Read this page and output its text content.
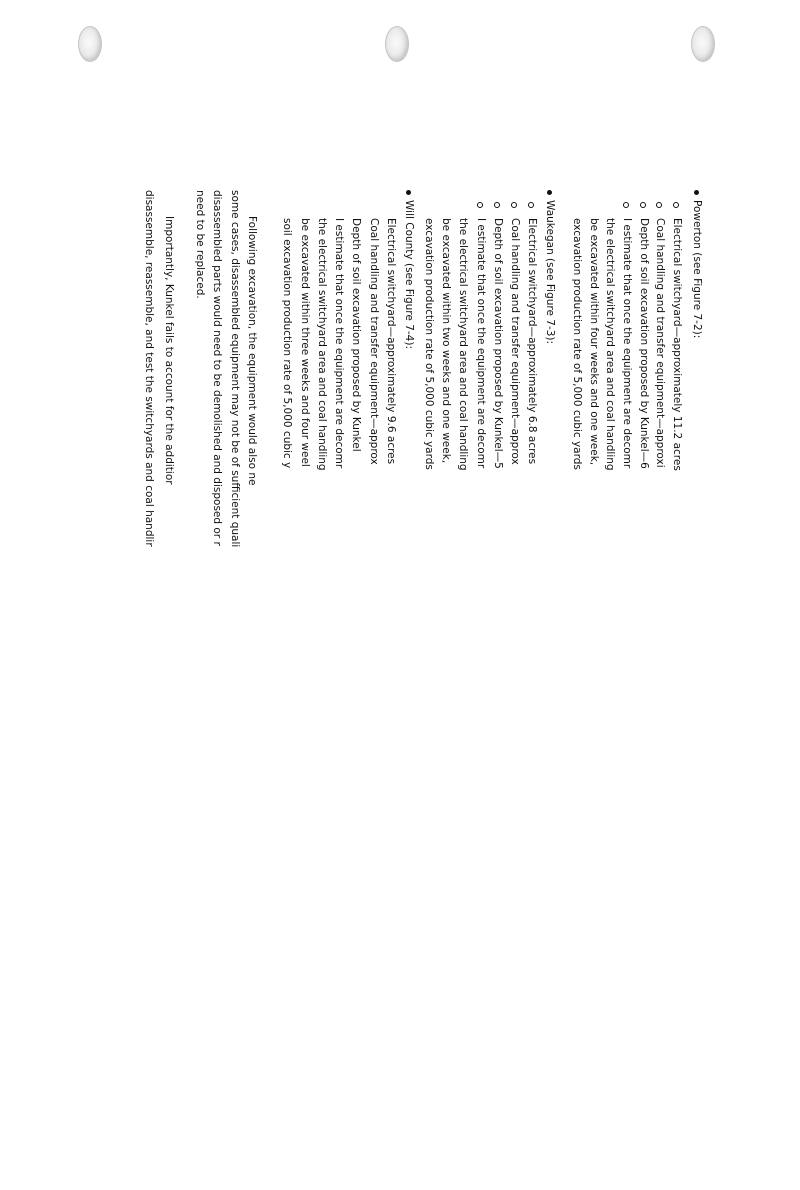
Powerton (see Figure 7-2):
Electrical switchyard—approximately 11.2 acres
Coal handling and transfer equipment—approxi
Depth of soil excavation proposed by Kunkel—6
I estimate that once the equipment are decomr
the electrical switchyard area and coal handling
be excavated within four weeks and one week,
excavation production rate of 5,000 cubic yards
Waukegan (see Figure 7-3):
Electrical switchyard—approximately 6.8 acres
Coal handling and transfer equipment—approx
Depth of soil excavation proposed by Kunkel—5
I estimate that once the equipment are decomr
the electrical switchyard area and coal handling
be excavated within two weeks and one week,
excavation production rate of 5,000 cubic yards
Will County (see Figure 7-4):
Electrical switchyard—approximately 9.6 acres
Coal handling and transfer equipment—approx
Depth of soil excavation proposed by Kunkel
I estimate that once the equipment are decomr
the electrical switchyard area and coal handling
be excavated within three weeks and four weel
soil excavation production rate of 5,000 cubic y
Following excavation, the equipment would also ne
some cases, disassembled equipment may not be of sufficient quali
disassembled parts would need to be demolished and disposed or r
need to be replaced.
Importantly, Kunkel fails to account for the additior
disassemble, reassemble, and test the switchyards and coal handlir
